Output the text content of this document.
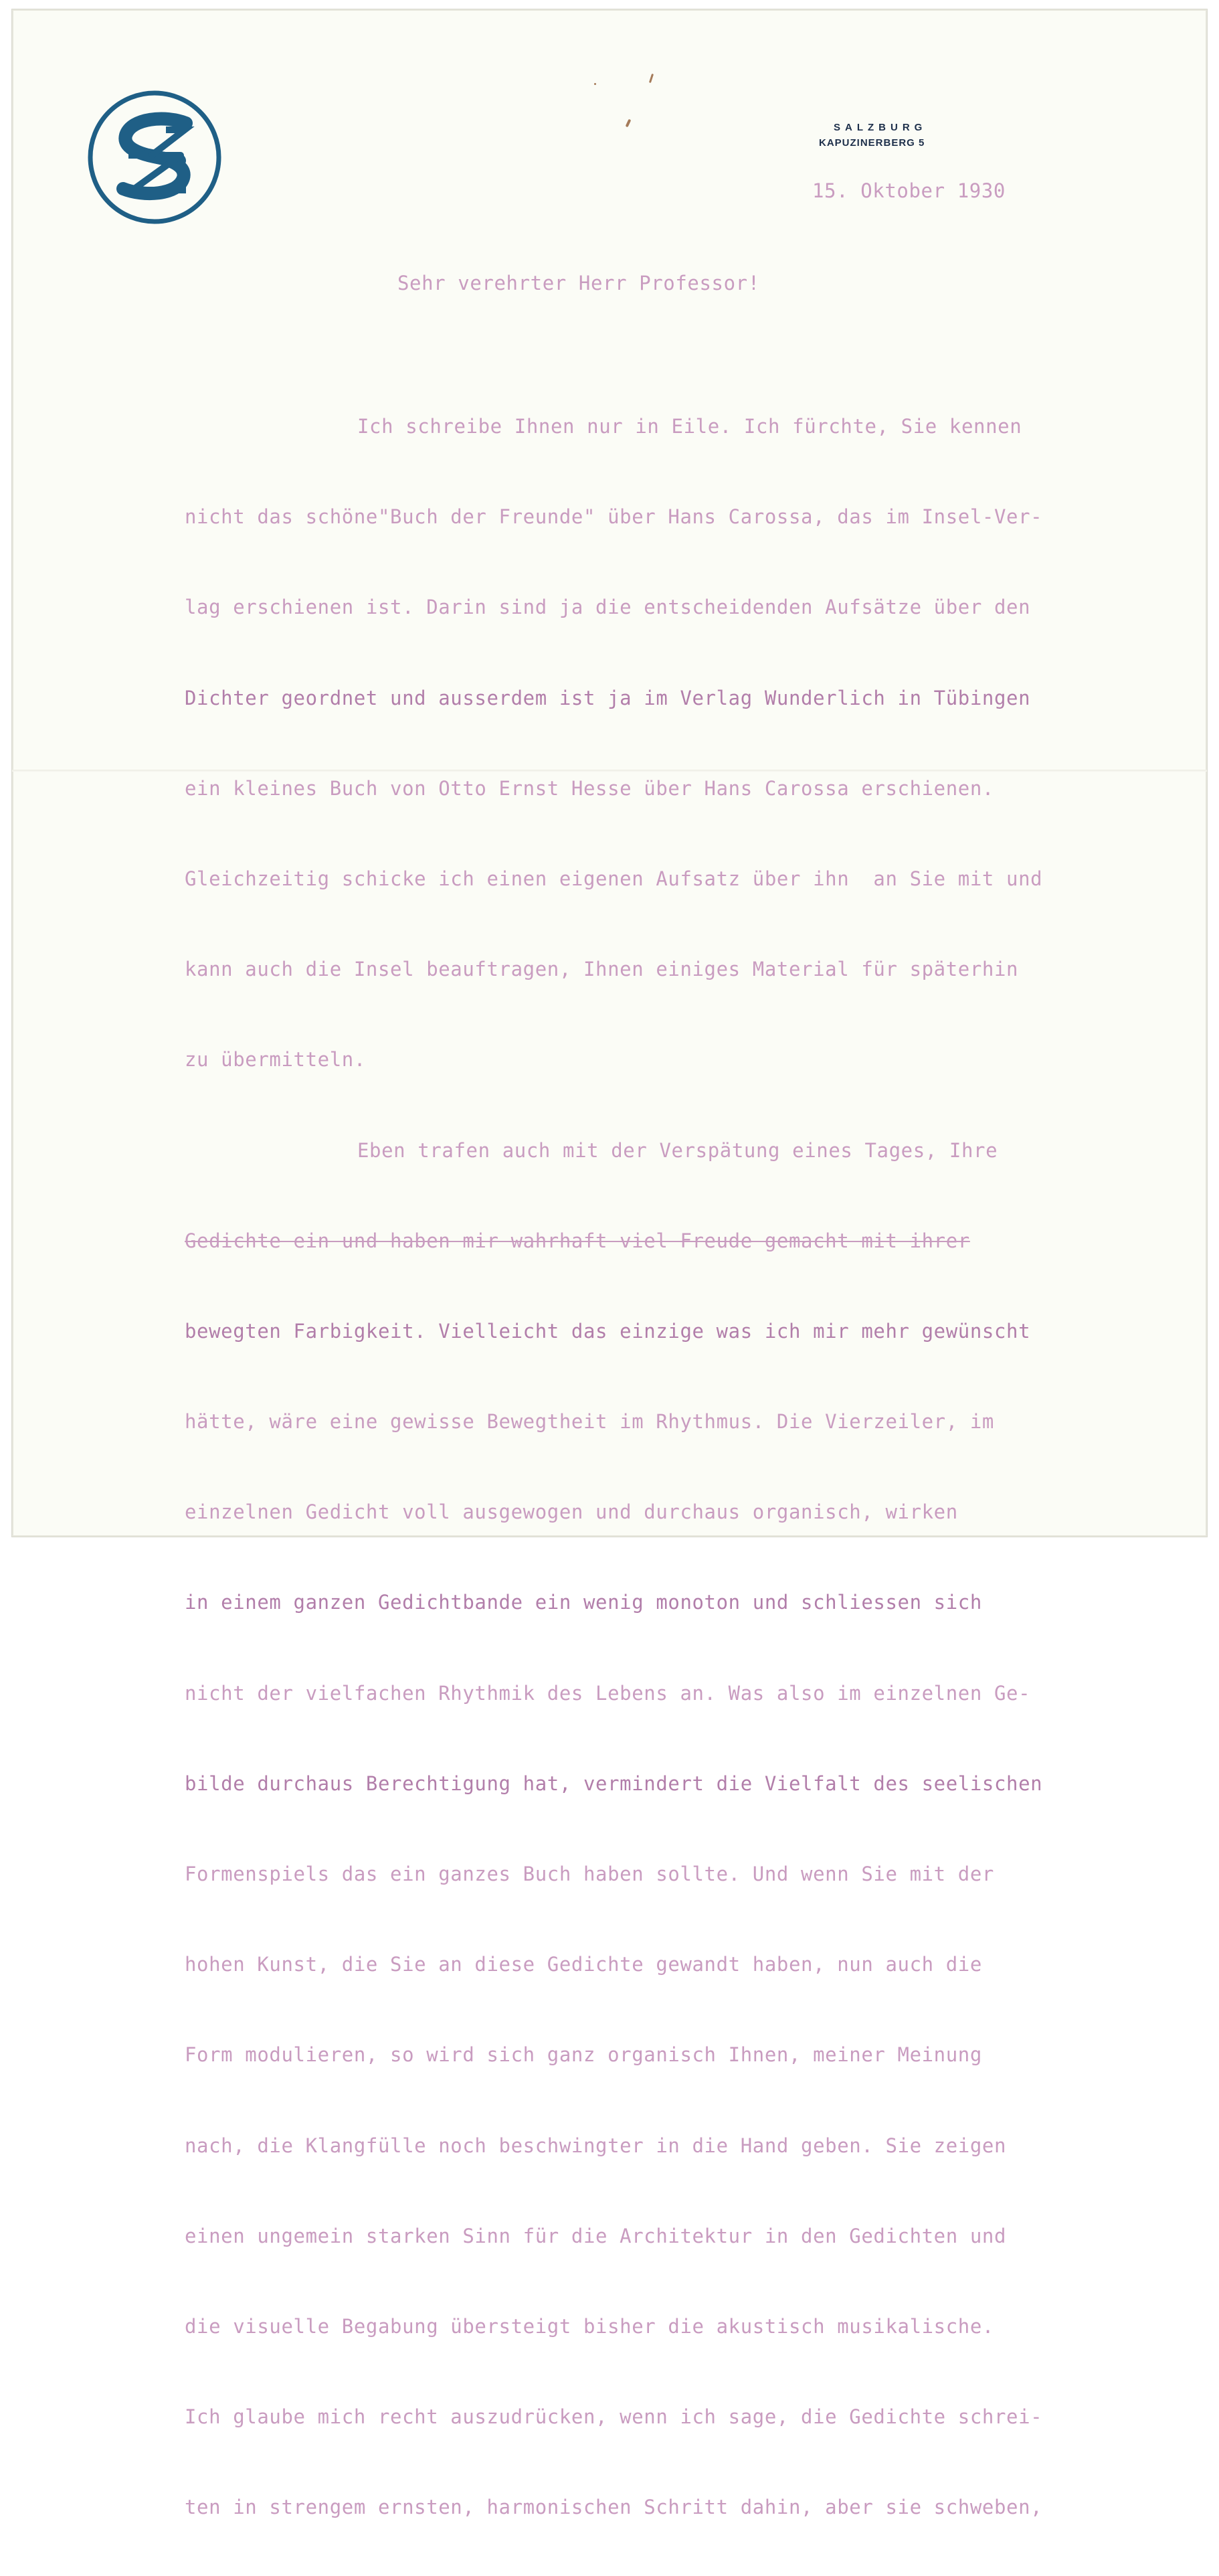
SALZBURG
KAPUZINERBERG 5
15. Oktober 1930
Sehr verehrter Herr Professor!

Ich schreibe Ihnen nur in Eile. Ich fürchte, Sie kennen

nicht das schöne"Buch der Freunde" über Hans Carossa, das im Insel-Ver-

lag erschienen ist. Darin sind ja die entscheidenden Aufsätze über den

Dichter geordnet und ausserdem ist ja im Verlag Wunderlich in Tübingen

ein kleines Buch von Otto Ernst Hesse über Hans Carossa erschienen.

Gleichzeitig schicke ich einen eigenen Aufsatz über ihn  an Sie mit und

kann auch die Insel beauftragen, Ihnen einiges Material für späterhin

zu übermitteln.

Eben trafen auch mit der Verspätung eines Tages, Ihre

Gedichte ein und haben mir wahrhaft viel Freude gemacht mit ihrer

bewegten Farbigkeit. Vielleicht das einzige was ich mir mehr gewünscht

hätte, wäre eine gewisse Bewegtheit im Rhythmus. Die Vierzeiler, im

einzelnen Gedicht voll ausgewogen und durchaus organisch, wirken

in einem ganzen Gedichtbande ein wenig monoton und schliessen sich

nicht der vielfachen Rhythmik des Lebens an. Was also im einzelnen Ge-

bilde durchaus Berechtigung hat, vermindert die Vielfalt des seelischen

Formenspiels das ein ganzes Buch haben sollte. Und wenn Sie mit der

hohen Kunst, die Sie an diese Gedichte gewandt haben, nun auch die

Form modulieren, so wird sich ganz organisch Ihnen, meiner Meinung

nach, die Klangfülle noch beschwingter in die Hand geben. Sie zeigen

einen ungemein starken Sinn für die Architektur in den Gedichten und

die visuelle Begabung übersteigt bisher die akustisch musikalische.

Ich glaube mich recht auszudrücken, wenn ich sage, die Gedichte schrei-

ten in strengem ernsten, harmonischen Schritt dahin, aber sie schweben,
